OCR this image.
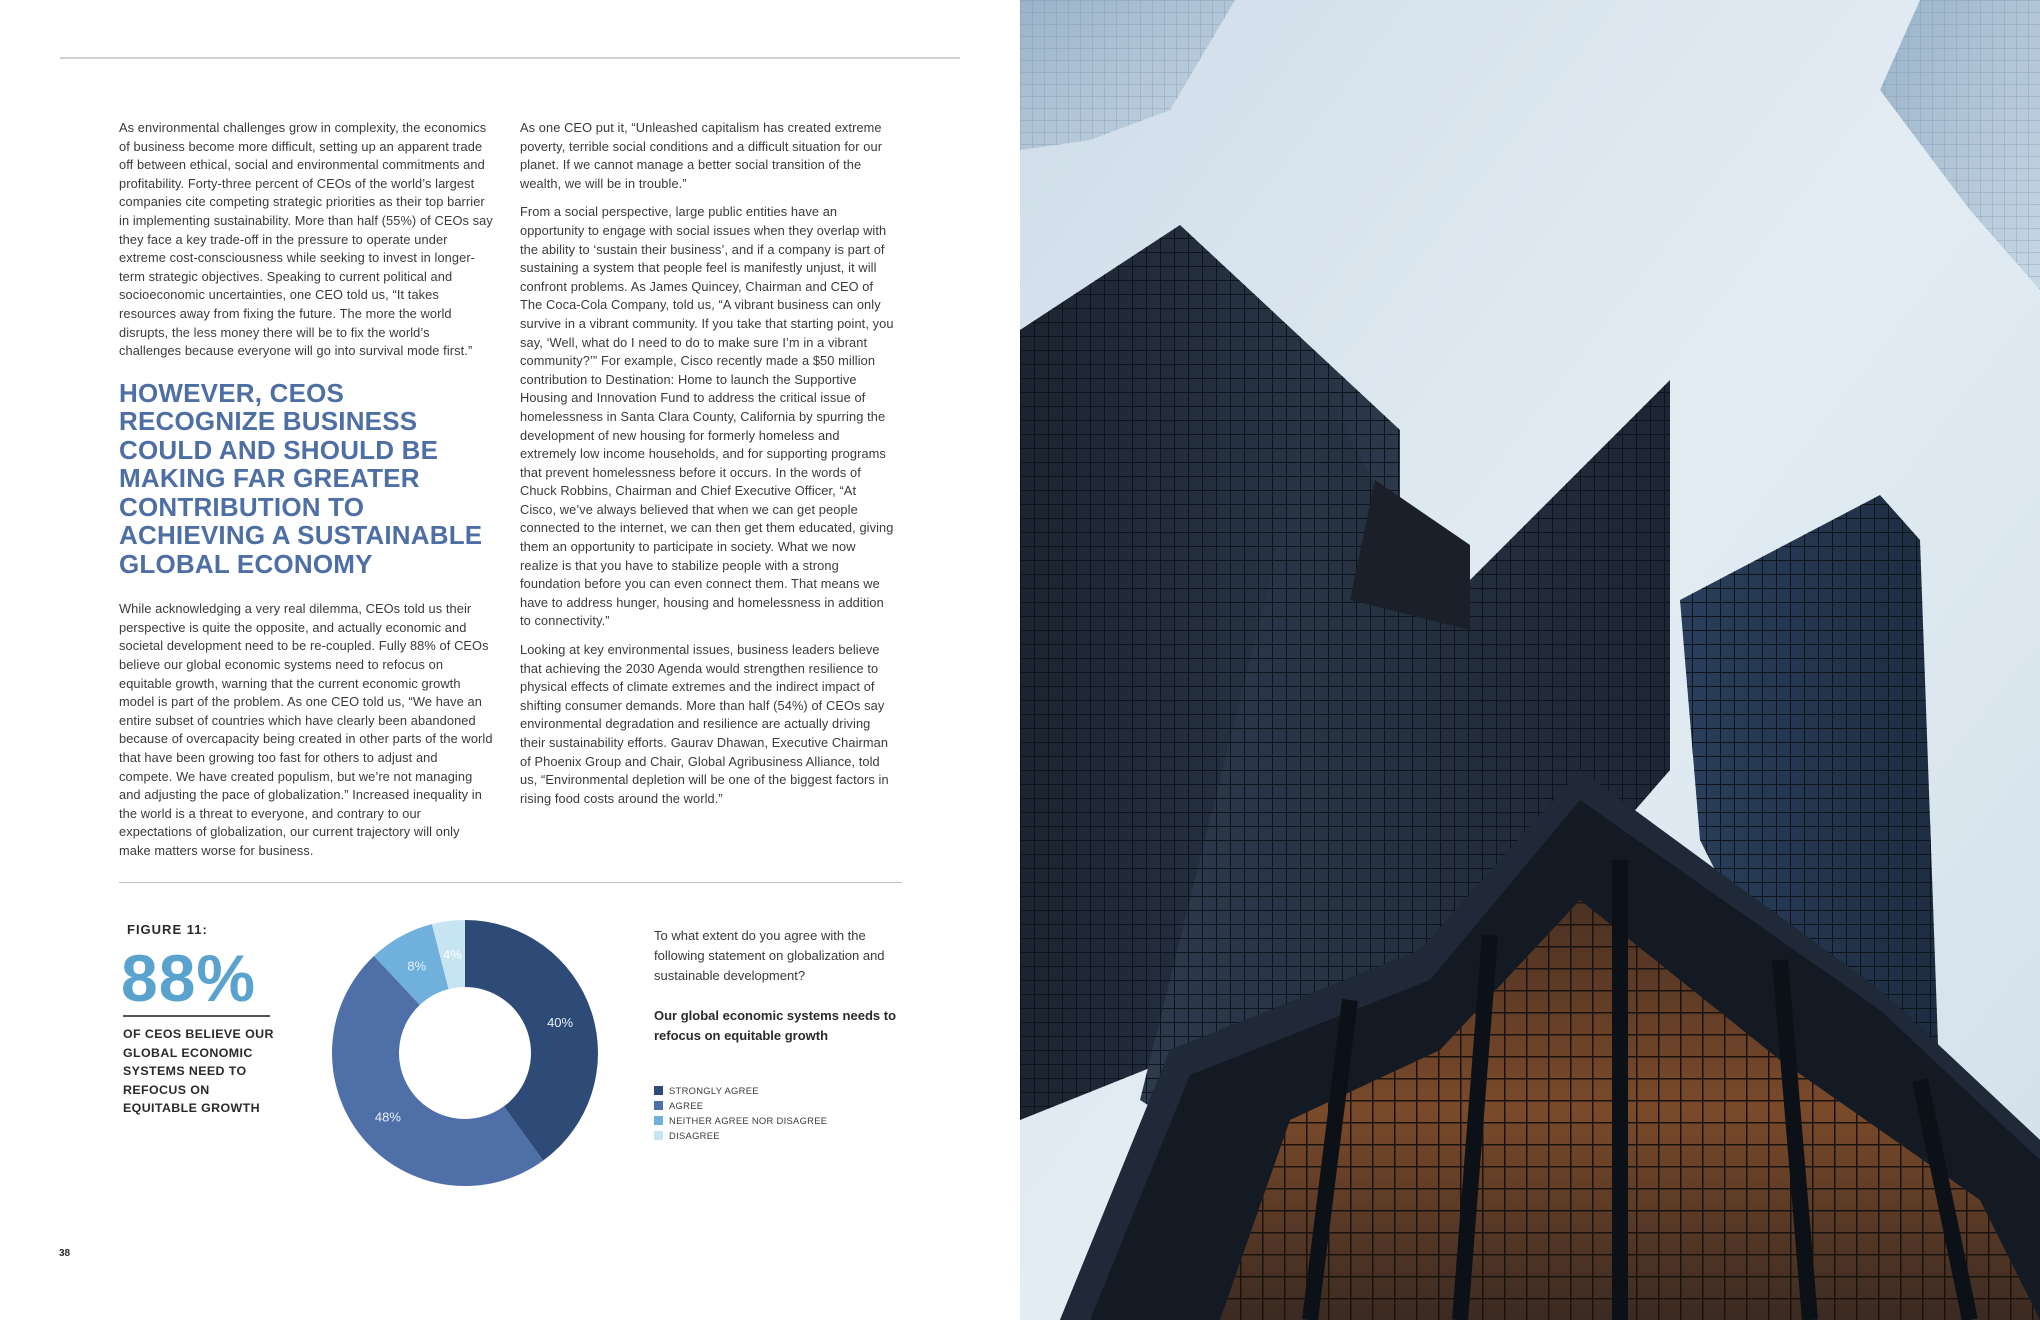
As environmental challenges grow in complexity, the economics of business become more difficult, setting up an apparent trade off between ethical, social and environmental commitments and profitability. Forty-three percent of CEOs of the world’s largest companies cite competing strategic priorities as their top barrier in implementing sustainability. More than half (55%) of CEOs say they face a key trade-off in the pressure to operate under extreme cost-consciousness while seeking to invest in longer-term strategic objectives. Speaking to current political and socioeconomic uncertainties, one CEO told us, “It takes resources away from fixing the future. The more the world disrupts, the less money there will be to fix the world’s challenges because everyone will go into survival mode first.”

HOWEVER, CEOS RECOGNIZE BUSINESS COULD AND SHOULD BE MAKING FAR GREATER CONTRIBUTION TO ACHIEVING A SUSTAINABLE GLOBAL ECONOMY

While acknowledging a very real dilemma, CEOs told us their perspective is quite the opposite, and actually economic and societal development need to be re-coupled. Fully 88% of CEOs believe our global economic systems need to refocus on equitable growth, warning that the current economic growth model is part of the problem. As one CEO told us, “We have an entire subset of countries which have clearly been abandoned because of overcapacity being created in other parts of the world that have been growing too fast for others to adjust and compete. We have created populism, but we’re not managing and adjusting the pace of globalization.” Increased inequality in the world is a threat to everyone, and contrary to our expectations of globalization, our current trajectory will only make matters worse for business.

As one CEO put it, “Unleashed capitalism has created extreme poverty, terrible social conditions and a difficult situation for our planet. If we cannot manage a better social transition of the wealth, we will be in trouble.”

From a social perspective, large public entities have an opportunity to engage with social issues when they overlap with the ability to ‘sustain their business’, and if a company is part of sustaining a system that people feel is manifestly unjust, it will confront problems. As James Quincey, Chairman and CEO of The Coca-Cola Company, told us, “A vibrant business can only survive in a vibrant community. If you take that starting point, you say, ‘Well, what do I need to do to make sure I’m in a vibrant community?’” For example, Cisco recently made a $50 million contribution to Destination: Home to launch the Supportive Housing and Innovation Fund to address the critical issue of homelessness in Santa Clara County, California by spurring the development of new housing for formerly homeless and extremely low income households, and for supporting programs that prevent homelessness before it occurs. In the words of Chuck Robbins, Chairman and Chief Executive Officer, “At Cisco, we’ve always believed that when we can get people connected to the internet, we can then get them educated, giving them an opportunity to participate in society. What we now realize is that you have to stabilize people with a strong foundation before you can even connect them. That means we have to address hunger, housing and homelessness in addition to connectivity.”

Looking at key environmental issues, business leaders believe that achieving the 2030 Agenda would strengthen resilience to physical effects of climate extremes and the indirect impact of shifting consumer demands. More than half (54%) of CEOs say environmental degradation and resilience are actually driving their sustainability efforts. Gaurav Dhawan, Executive Chairman of Phoenix Group and Chair, Global Agribusiness Alliance, told us, “Environmental depletion will be one of the biggest factors in rising food costs around the world.”

FIGURE 11:
88%
OF CEOS BELIEVE OUR GLOBAL ECONOMIC SYSTEMS NEED TO REFOCUS ON EQUITABLE GROWTH
40%
48%
8%
4%
To what extent do you agree with the following statement on globalization and sustainable development?
Our global economic systems needs to refocus on equitable growth
STRONGLY AGREE
AGREE
NEITHER AGREE NOR DISAGREE
DISAGREE
38
